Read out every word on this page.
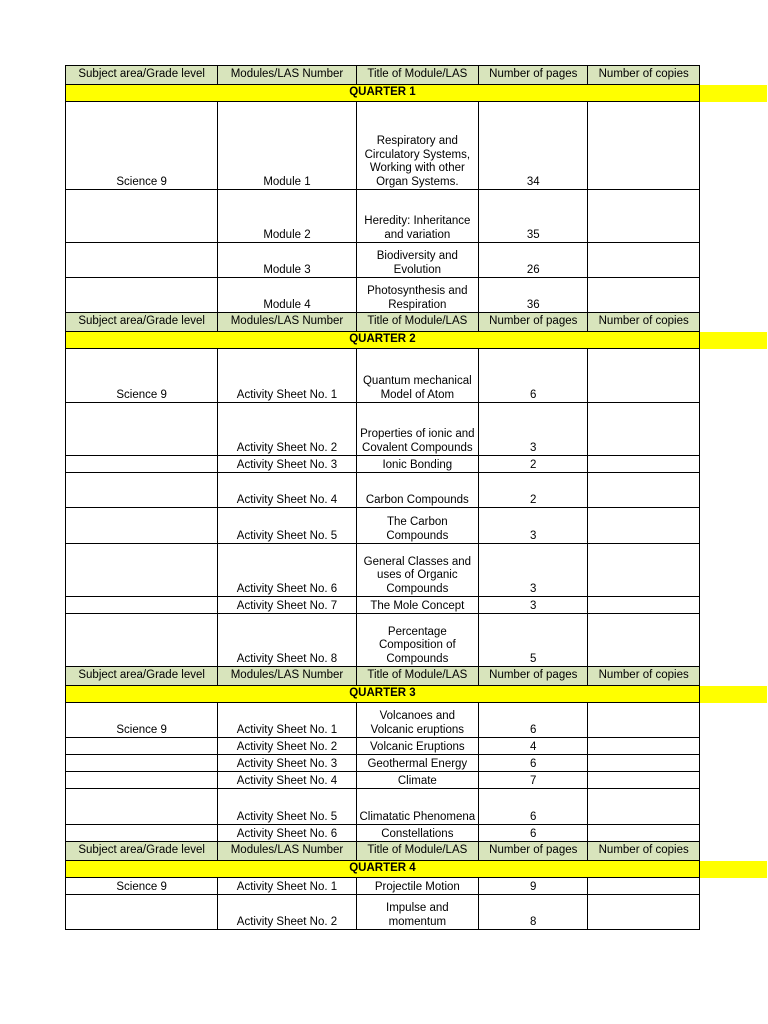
Subject area/Grade level	Modules/LAS Number	Title of Module/LAS	Number of pages	Number of copies	
QUARTER 1					
Science 9	Module 1	Respiratory and Circulatory Systems, Working with other Organ Systems.	34		
	Module 2	Heredity: Inheritance and variation	35		
	Module 3	Biodiversity and Evolution	26		
	Module 4	Photosynthesis and Respiration	36		
Subject area/Grade level	Modules/LAS Number	Title of Module/LAS	Number of pages	Number of copies	
QUARTER 2					
Science 9	Activity Sheet No. 1	Quantum mechanical Model of Atom	6		
	Activity Sheet No. 2	Properties of ionic and Covalent Compounds	3		
	Activity Sheet No. 3	Ionic Bonding	2		
	Activity Sheet No. 4	Carbon Compounds	2		
	Activity Sheet No. 5	The Carbon Compounds	3		
	Activity Sheet No. 6	General Classes and uses of Organic Compounds	3		
	Activity Sheet No. 7	The Mole Concept	3		
	Activity Sheet No. 8	Percentage Composition of Compounds	5		
Subject area/Grade level	Modules/LAS Number	Title of Module/LAS	Number of pages	Number of copies	
QUARTER 3					
Science 9	Activity Sheet No. 1	Volcanoes and Volcanic eruptions	6		
	Activity Sheet No. 2	Volcanic Eruptions	4		
	Activity Sheet No. 3	Geothermal Energy	6		
	Activity Sheet No. 4	Climate	7		
	Activity Sheet No. 5	Climatatic Phenomena	6		
	Activity Sheet No. 6	Constellations	6		
Subject area/Grade level	Modules/LAS Number	Title of Module/LAS	Number of pages	Number of copies	
QUARTER 4					
Science 9	Activity Sheet No. 1	Projectile Motion	9		
	Activity Sheet No. 2	Impulse and momentum	8		
